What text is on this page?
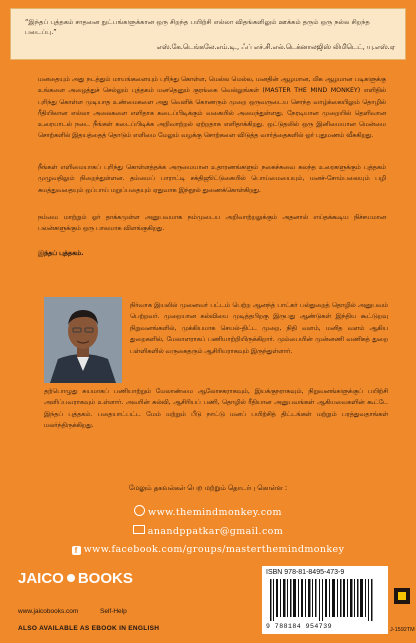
“இந்தப் புத்தகம் சாதனை நுட்பங்களுக்கான ஒரு சிறந்த பயிற்சி எல்லா விதங்களிலும் ஊக்கம் தரும் ஒரு நல்ல சிறந்த படைப்பு.”

எஸ்.கே.டெங்கலே.எம்.டி., ஃப் எச்.சி.எல்.டெக்னாலஜிஸ் லிமிடெட், யு.எஸ்.ஏ

மனதையும் அது நடத்தும் மாயங்களையும் புரிந்து கொள்ள, மெல்ல மெல்ல, மனதின் ஆழமான, மிக ஆழமான படிகளுக்கு உங்களை அழைத்துச் செல்லும் புத்தகம் மனதெனும் குரங்கை வெல்லுங்கள் (MASTER THE MIND MONKEY) எளிதில் புரிந்து கொள்ள முடியாத உண்மைகளை அது வெளிக் கொணரும் முறை ஒருவருடைய சொந்த வாழ்க்கையிலும் தொழில் ரீதியிலான எல்லா அலைகளை எளிதாக கடைப்பிடிக்கும் வகையில் அமைந்துள்ளது. நேரடியான முறையில் தெளிவான உரையாடல் நடை நீங்கள் கடைப்பிடிக்க அறிவாற்றல் ஏற்றதாக எளிதாக்கிறது. ஒட்டுதலில் ஒரு இனிமையான மென்மை சொற்களில் இதயத்தைத் தொடும் எளிமை மேலும் வழக்கு சொற்களை விடுத்த வார்த்தைகளில் ஓர் புதுமணம் வீசுகிறது.

நீங்கள் எளிமையாகப் புரிந்து கொள்ளத்தக்க அருமையான உதாரணங்களும் நகைச்சுவை கலந்த உரைகளுக்கும் புத்தகம் முழுவதிலும் நிறைந்துள்ளன. தம்மைப் பாராட்டி சக்திஜூட்டுகையில் பொய்மையையும், மனச்-சோம்பலையும் பழி சுமத்துவதையும் ஒப்பாய் மறுப்பதையும் ஏதுவாக இந்நூல் துணைக்கொள்கிறது.

நம்மை மாற்றும் ஓர் தாக்கமுள்ள அனுபவமாக நம்முடைய அறிவாற்றலுக்கும் அதனால் எய்தக்கூடிய நிச்சயமான பலன்களுக்கும் ஒரு பாலமாக விளங்குகிறது.

இந்தப் புத்தகம்.

நிர்வாக இயலில் முனைவர் பட்டம் பெற்ற ஆனந்த் பாட்கர் பல்துறைத் தொழில் அனுபவம் பெற்றவர். முறையான கல்வியை முடித்தபிறகு இருபது ஆண்டுகள் இந்திய கூட்டுறவு நிறுவனங்களில், முக்கியமாக செயல்-திட்ட முறை, நிதி வளம், மனித வளம் ஆகிய துறைகளில், மேலாளராகப் பணியாற்றியிருக்கிறார். மும்பையின் முன்னணி வணிகத் துறை பள்ளிகளில் வருகைதரும் ஆசிரியராகவும் இருந்துள்ளார்.

தற்பொழுது சுயமாகப் பணியாற்றும் மேலாண்மை ஆலோசகராகவும், இயக்குநராகவும், நிறுவனங்களுக்குப் பயிற்சி அளிப்பவராகவும் உள்ளார். அவரின் கல்வி, ஆசிரியப் பணி, தொழில் ரீதியான அனுபவங்கள் ஆகியவைகளின் கூட்டே இந்தப் புத்தகம். பதையாட்பட்ட மேம் மற்றும் பீடு நாட்டு மனப் பயிற்சித் திட்டங்கள் மற்றும் பரத்துவதாங்கள் மலர்ந்திருக்கிறது.

மேலும் தகவல்கள் பெற மற்றும் தொடர்பு கொள்ள :
www.themindmonkey.com
anandppatkar@gmail.com
f www.facebook.com/groups/masterthemindmonkey
JAICO BOOKS
www.jaicobooks.com	Self-Help
ALSO AVAILABLE AS EBOOK IN ENGLISH
ISBN 978-81-8495-473-9
9 788184 954739	J-1592TM
